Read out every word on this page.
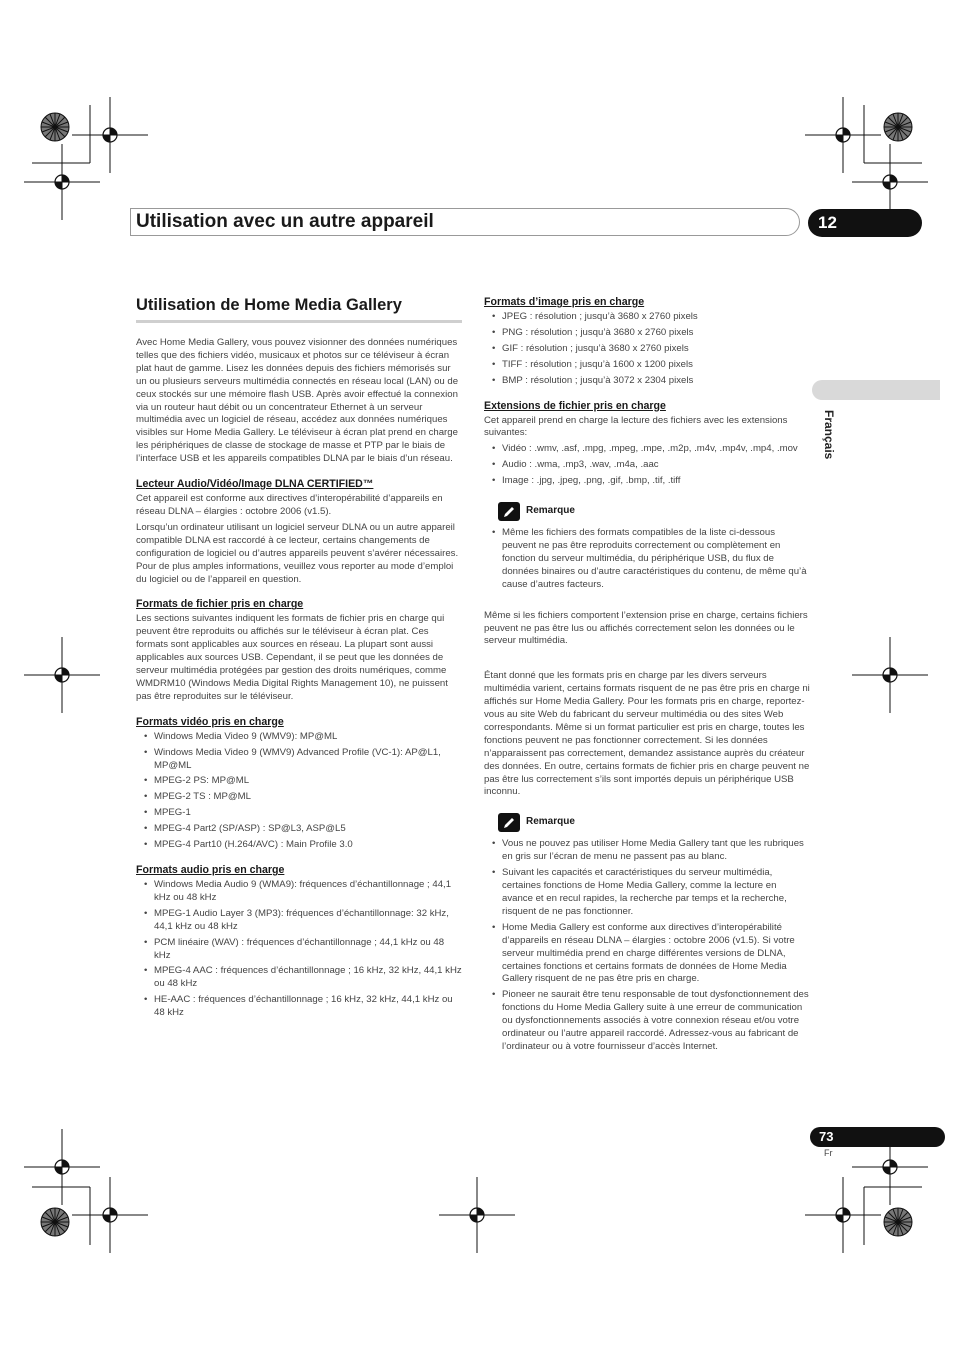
Utilisation avec un autre appareil	12
Français
Utilisation de Home Media Gallery

Avec Home Media Gallery, vous pouvez visionner des données numériques telles que des fichiers vidéo, musicaux et photos sur ce téléviseur à écran plat haut de gamme. Lisez les données depuis des fichiers mémorisés sur un ou plusieurs serveurs multimédia connectés en réseau local (LAN) ou de ceux stockés sur une mémoire flash USB. Après avoir effectué la connexion via un routeur haut débit ou un concentrateur Ethernet à un serveur multimédia avec un logiciel de réseau, accédez aux données numériques visibles sur Home Media Gallery. Le téléviseur à écran plat prend en charge les périphériques de classe de stockage de masse et PTP par le biais de l’interface USB et les appareils compatibles DLNA par le biais d’un réseau.

Lecteur Audio/Vidéo/Image DLNA CERTIFIED™

Cet appareil est conforme aux directives d’interopérabilité d’appareils en réseau DLNA – élargies : octobre 2006 (v1.5).

Lorsqu’un ordinateur utilisant un logiciel serveur DLNA ou un autre appareil compatible DLNA est raccordé à ce lecteur, certains changements de configuration de logiciel ou d’autres appareils peuvent s’avérer nécessaires. Pour de plus amples informations, veuillez vous reporter au mode d’emploi du logiciel ou de l’appareil en question.

Formats de fichier pris en charge

Les sections suivantes indiquent les formats de fichier pris en charge qui peuvent être reproduits ou affichés sur le téléviseur à écran plat. Ces formats sont applicables aux sources en réseau. La plupart sont aussi applicables aux sources USB. Cependant, il se peut que les données de serveur multimédia protégées par gestion des droits numériques, comme WMDRM10 (Windows Media Digital Rights Management 10), ne puissent pas être reproduites sur le téléviseur.

Formats vidéo pris en charge
• Windows Media Video 9 (WMV9): MP@ML
• Windows Media Video 9 (WMV9) Advanced Profile (VC-1): AP@L1, MP@ML
• MPEG-2 PS: MP@ML
• MPEG-2 TS : MP@ML
• MPEG-1
• MPEG-4 Part2 (SP/ASP) : SP@L3, ASP@L5
• MPEG-4 Part10 (H.264/AVC) : Main Profile 3.0
Formats audio pris en charge
• Windows Media Audio 9 (WMA9): fréquences d’échantillonnage ; 44,1 kHz ou 48 kHz
• MPEG-1 Audio Layer 3 (MP3): fréquences d’échantillonnage: 32 kHz, 44,1 kHz ou 48 kHz
• PCM linéaire (WAV) : fréquences d’échantillonnage ; 44,1 kHz ou 48 kHz
• MPEG-4 AAC : fréquences d’échantillonnage ; 16 kHz, 32 kHz, 44,1 kHz ou 48 kHz
• HE-AAC : fréquences d’échantillonnage ; 16 kHz, 32 kHz, 44,1 kHz ou 48 kHz
Formats d’image pris en charge
• JPEG : résolution ; jusqu’à 3680 x 2760 pixels
• PNG : résolution ; jusqu’à 3680 x 2760 pixels
• GIF : résolution ; jusqu’à 3680 x 2760 pixels
• TIFF : résolution ; jusqu’à 1600 x 1200 pixels
• BMP : résolution ; jusqu’à 3072 x 2304 pixels
Extensions de fichier pris en charge

Cet appareil prend en charge la lecture des fichiers avec les extensions suivantes:

• Vidéo : .wmv, .asf, .mpg, .mpeg, .mpe, .m2p, .m4v, .mp4v, .mp4, .mov
• Audio : .wma, .mp3, .wav, .m4a, .aac
• Image : .jpg, .jpeg, .png, .gif, .bmp, .tif, .tiff
Remarque
• Même les fichiers des formats compatibles de la liste ci-dessous peuvent ne pas être reproduits correctement ou complètement en fonction du serveur multimédia, du périphérique USB, du flux de données binaires ou d’autre caractéristiques du contenu, de même qu’à cause d’autres facteurs.

Même si les fichiers comportent l’extension prise en charge, certains fichiers peuvent ne pas être lus ou affichés correctement selon les données ou le serveur multimédia.

Étant donné que les formats pris en charge par les divers serveurs multimédia varient, certains formats risquent de ne pas être pris en charge ni affichés sur Home Media Gallery. Pour les formats pris en charge, reportez-vous au site Web du fabricant du serveur multimédia ou des sites Web correspondants. Même si un format particulier est pris en charge, toutes les fonctions peuvent ne pas fonctionner correctement. Si les données n’apparaissent pas correctement, demandez assistance auprès du créateur des données. En outre, certains formats de fichier pris en charge peuvent ne pas être lus correctement s’ils sont importés depuis un périphérique USB inconnu.

Remarque
• Vous ne pouvez pas utiliser Home Media Gallery tant que les rubriques en gris sur l’écran de menu ne passent pas au blanc.
• Suivant les capacités et caractéristiques du serveur multimédia, certaines fonctions de Home Media Gallery, comme la lecture en avance et en recul rapides, la recherche par temps et la recherche, risquent de ne pas fonctionner.
• Home Media Gallery est conforme aux directives d’interopérabilité d’appareils en réseau DLNA – élargies : octobre 2006 (v1.5). Si votre serveur multimédia prend en charge différentes versions de DLNA, certaines fonctions et certains formats de données de Home Media Gallery risquent de ne pas être pris en charge.
• Pioneer ne saurait être tenu responsable de tout dysfonctionnement des fonctions du Home Media Gallery suite à une erreur de communication ou dysfonctionnements associés à votre connexion réseau et/ou votre ordinateur ou l’autre appareil raccordé. Adressez-vous au fabricant de l’ordinateur ou à votre fournisseur d’accès Internet.
73
Fr
